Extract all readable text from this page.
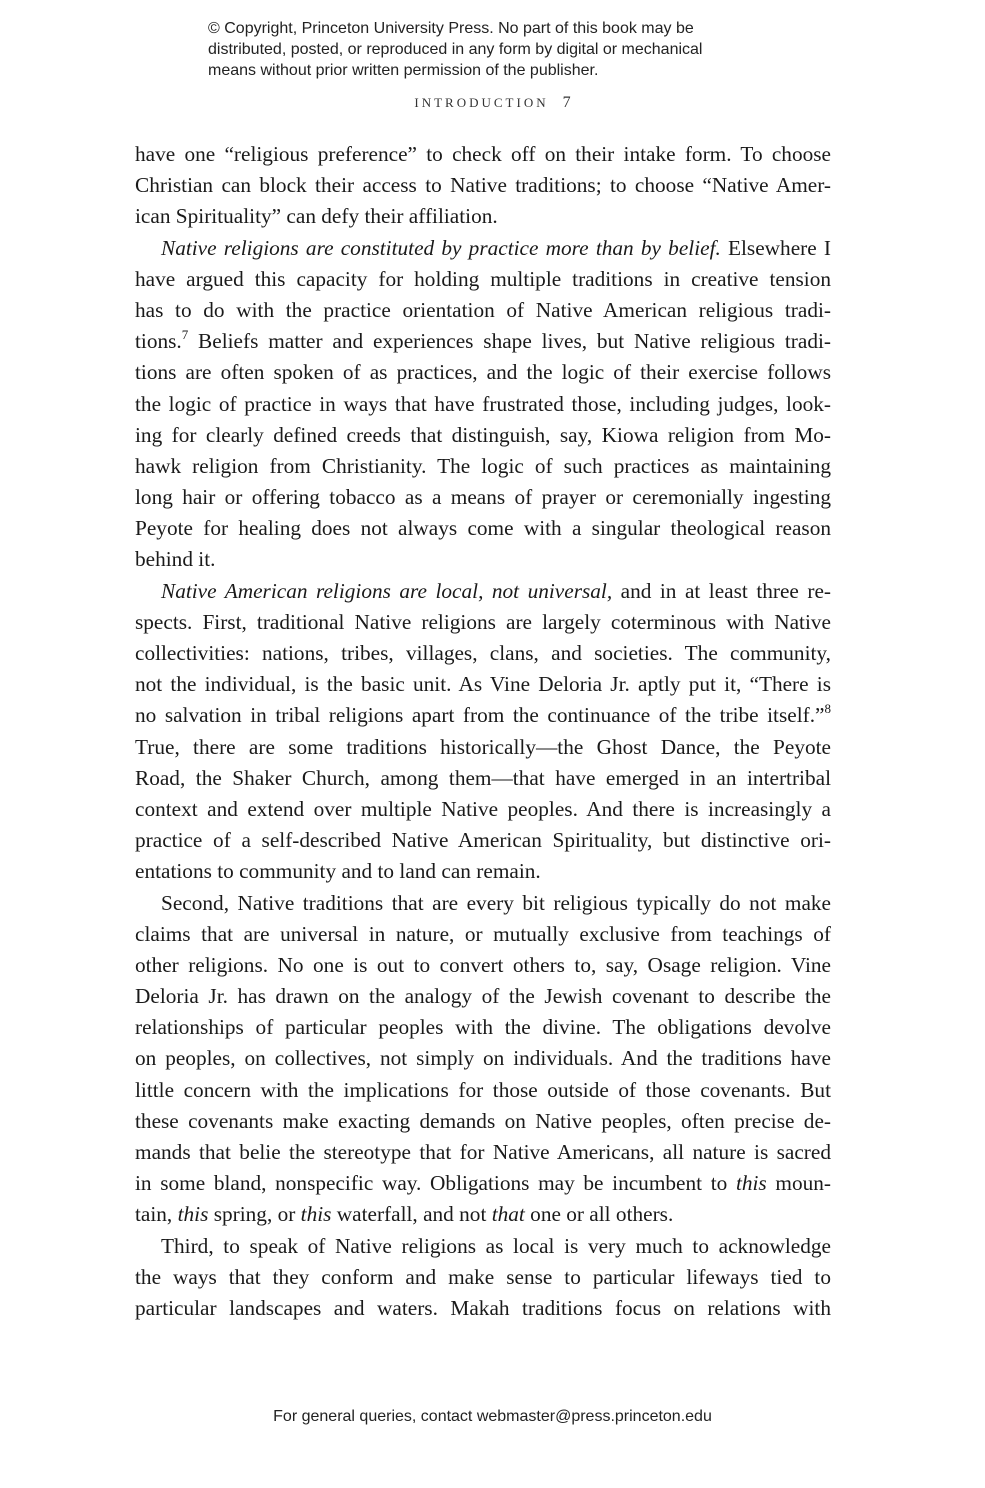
© Copyright, Princeton University Press. No part of this book may be
distributed, posted, or reproduced in any form by digital or mechanical
means without prior written permission of the publisher.
INTRODUCTION 7
have one “religious preference” to check off on their intake form. To choose
Christian can block their access to Native traditions; to choose “Native Amer-
ican Spirituality” can defy their affiliation.
Native religions are constituted by practice more than by belief. Elsewhere I
have argued this capacity for holding multiple traditions in creative tension
has to do with the practice orientation of Native American religious tradi-
tions.$^7$ Beliefs matter and experiences shape lives, but Native religious tradi-
tions are often spoken of as practices, and the logic of their exercise follows
the logic of practice in ways that have frustrated those, including judges, look-
ing for clearly defined creeds that distinguish, say, Kiowa religion from Mo-
hawk religion from Christianity. The logic of such practices as maintaining
long hair or offering tobacco as a means of prayer or ceremonially ingesting
Peyote for healing does not always come with a singular theological reason
behind it.
Native American religions are local, not universal, and in at least three re-
spects. First, traditional Native religions are largely coterminous with Native
collectivities: nations, tribes, villages, clans, and societies. The community,
not the individual, is the basic unit. As Vine Deloria Jr. aptly put it, “There is
no salvation in tribal religions apart from the continuance of the tribe itself.”$^8$
True, there are some traditions historically—the Ghost Dance, the Peyote
Road, the Shaker Church, among them—that have emerged in an intertribal
context and extend over multiple Native peoples. And there is increasingly a
practice of a self-described Native American Spirituality, but distinctive ori-
entations to community and to land can remain.
Second, Native traditions that are every bit religious typically do not make
claims that are universal in nature, or mutually exclusive from teachings of
other religions. No one is out to convert others to, say, Osage religion. Vine
Deloria Jr. has drawn on the analogy of the Jewish covenant to describe the
relationships of particular peoples with the divine. The obligations devolve
on peoples, on collectives, not simply on individuals. And the traditions have
little concern with the implications for those outside of those covenants. But
these covenants make exacting demands on Native peoples, often precise de-
mands that belie the stereotype that for Native Americans, all nature is sacred
in some bland, nonspecific way. Obligations may be incumbent to this moun-
tain, this spring, or this waterfall, and not that one or all others.
Third, to speak of Native religions as local is very much to acknowledge
the ways that they conform and make sense to particular lifeways tied to
particular landscapes and waters. Makah traditions focus on relations with
For general queries, contact webmaster@press.princeton.edu
